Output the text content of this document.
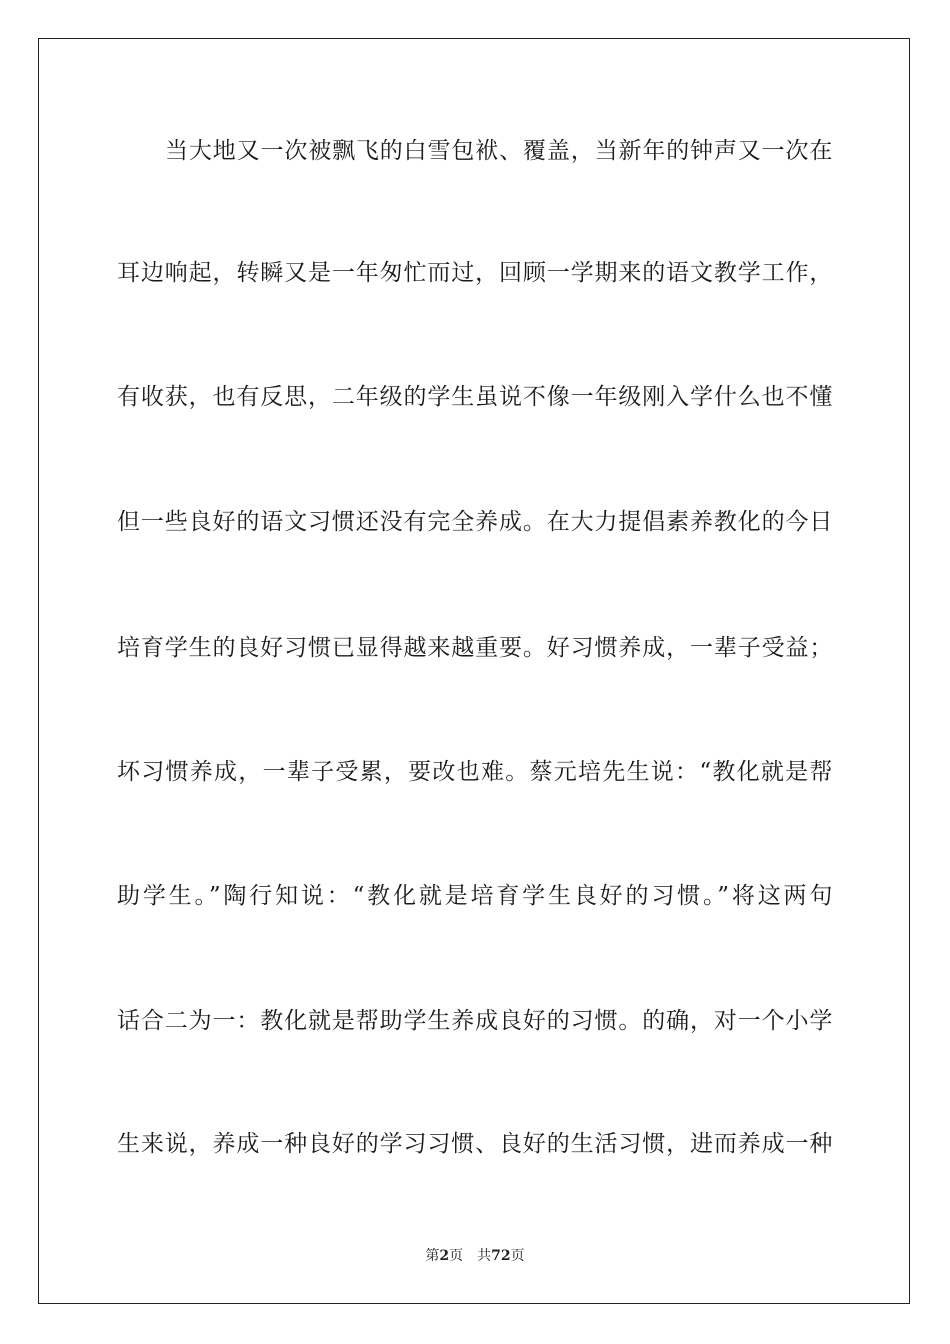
当大地又一次被飘飞的白雪包袱、覆盖，当新年的钟声又一次在
耳边响起，转瞬又是一年匆忙而过，回顾一学期来的语文教学工作，
有收获，也有反思，二年级的学生虽说不像一年级刚入学什么也不懂
但一些良好的语文习惯还没有完全养成。在大力提倡素养教化的今日
培育学生的良好习惯已显得越来越重要。好习惯养成，一辈子受益；
坏习惯养成，一辈子受累，要改也难。蔡元培先生说：“教化就是帮
助学生。”陶行知说：“教化就是培育学生良好的习惯。”将这两句
话合二为一：教化就是帮助学生养成良好的习惯。的确，对一个小学
生来说，养成一种良好的学习习惯、良好的生活习惯，进而养成一种
第2页 共72页
